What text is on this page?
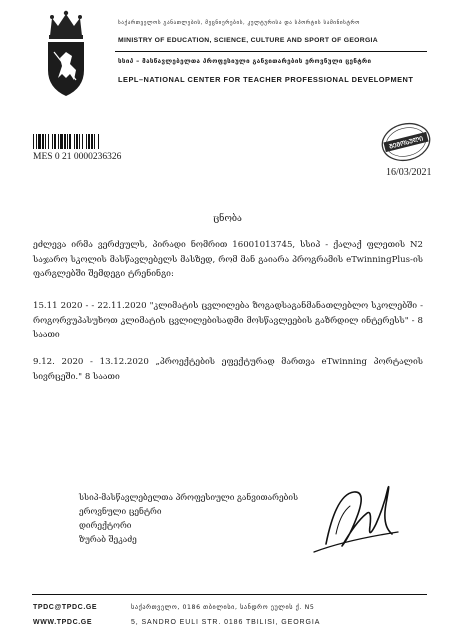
საქართველოს განათლების, მეცნიერების, კულტურისა და სპორტის სამინისტრო
MINISTRY OF EDUCATION, SCIENCE, CULTURE AND SPORT OF GEORGIA
სსიპ – მასწავლებელთა პროფესიული განვითარების ეროვნული ცენტრი
LEPL–NATIONAL CENTER FOR TEACHER PROFESSIONAL DEVELOPMENT
MES 0 21 0000236326
ᲨᲔᲛᲝᲡᲣᲚᲘ
16/03/2021
ცნობა
ეძლევა ირმა ვერძეულს, პირადი ნომრით 16001013745, სსიპ - ქალაქ ფლეთის N2 საჯარო სკოლის მასწავლებელს მასზედ, რომ მან გაიარა პროგრამის eTwinningPlus-ის ფარგლებში შემდეგი ტრენინგი:
15.11 2020 - - 22.11.2020 "კლიმატის ცვლილება ზოგადსაგანმანათლებლო სკოლებში - როგორვუპასუხოთ კლიმატის ცვლილებისადმი მოსწავლეების გაზრდილ ინტერესს" - 8 საათი
9.12. 2020 - 13.12.2020 „პროექტების ეფექტურად მართვა eTwinning პორტალის სივრცეში." 8 საათი
სსიპ-მასწავლებელთა პროფესიული განვითარების
ეროვნული ცენტრი
დირექტორი
ზურაბ შეკაძე
TPDC@TPDC.GE
WWW.TPDC.GE
საქართველო, 0186 თბილისი, სანდრო ეულის ქ. N5
5, SANDRO EULI STR. 0186 TBILISI, GEORGIA
